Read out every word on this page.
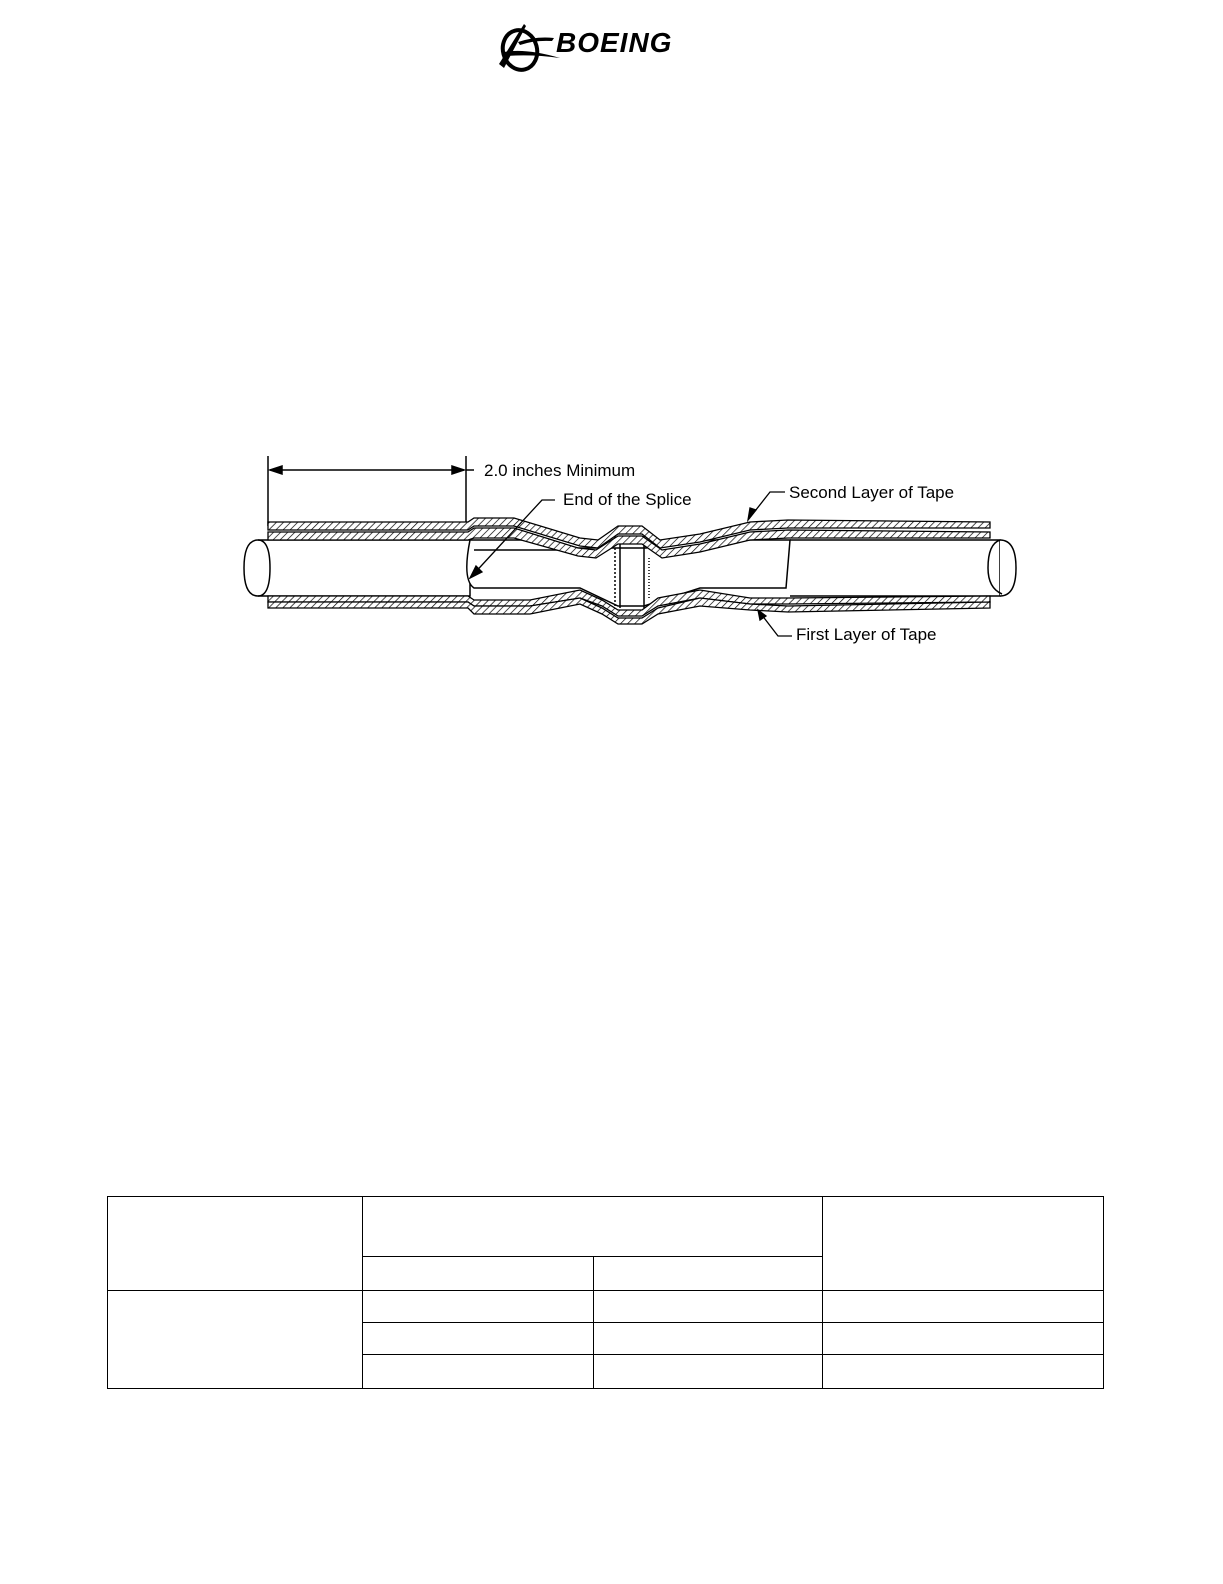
BOEING
2.0 inches Minimum
End of the Splice	Second Layer of Tape
First Layer of Tape
